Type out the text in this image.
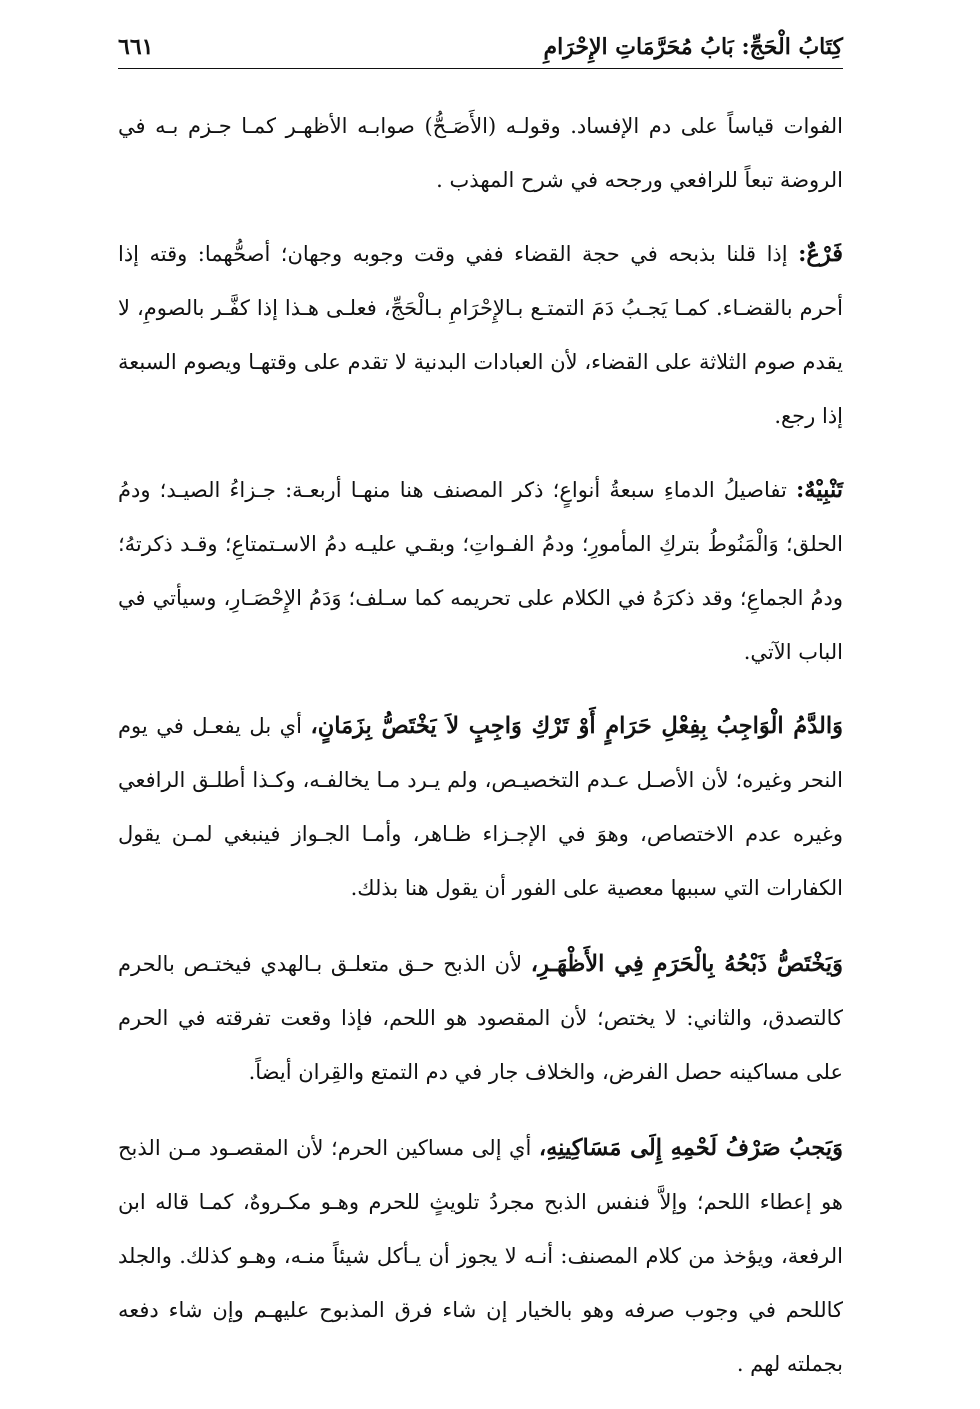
كِتَابُ الْحَجِّ: بَابُ مُحَرَّمَاتِ الإِحْرَامِ
٦٦١

الفوات قياساً على دم الإفساد. وقولـه (الأَصَـحُّ) صوابـه الأظهـر كمـا جـزم بـه في الروضة تبعاً للرافعي ورجحه في شرح المهذب .

فَرْعٌ: إذا قلنا بذبحه في حجة القضاء ففي وقت وجوبه وجهان؛ أصحُّهما: وقته إذا أحرم بالقضـاء. كمـا يَجـبُ دَمَ التمتـع بـالإِحْرَامِ بـالْحَجِّ، فعلـى هـذا إذا كفَّـر بالصومِ، لا يقدم صوم الثلاثة على القضاء، لأن العبادات البدنية لا تقدم على وقتهـا ويصوم السبعة إذا رجع.

تَنْبِيْهٌ: تفاصيلُ الدماءِ سبعةُ أنواعٍ؛ ذكر المصنف هنا منهـا أربعـة: جـزاءُ الصيـد؛ ودمُ الحلق؛ وَالْمَنُوطُ بتركِ المأمورِ؛ ودمُ الفـواتِ؛ وبقـي عليـه دمُ الاسـتمتاعِ؛ وقـد ذكرتهُ؛ ودمُ الجماعِ؛ وقد ذكرَهُ في الكلام على تحريمه كما سـلف؛ وَدَمُ الإِحْصَـارِ، وسيأتي في الباب الآتي.

وَالدَّمُ الْوَاجِبُ بِفِعْلِ حَرَامٍ أَوْ تَرْكِ وَاجِبٍ لاَ يَخْتَصُّ بِزَمَانٍ، أي بل يفعـل في يوم النحر وغيره؛ لأن الأصـل عـدم التخصيـص، ولم يـرد مـا يخالفـه، وكـذا أطلـق الرافعي وغيره عدم الاختصاص، وهوَ في الإجـزاء ظـاهر، وأمـا الجـواز فينبغي لمـن يقول الكفارات التي سببها معصية على الفور أن يقول هنا بذلك.

وَيَخْتَصُّ ذَبْحُهُ بِالْحَرَمِ فِي الأَظْهَـرِ، لأن الذبح حـق متعلـق بـالهدي فيختـص بالحرم كالتصدق، والثاني: لا يختص؛ لأن المقصود هو اللحم، فإذا وقعت تفرقته في الحرم على مساكينه حصل الفرض، والخلاف جار في دم التمتع والقِران أيضاً.

وَيَجبُ صَرْفُ لَحْمِهِ إِلَى مَسَاكِينِهِ، أي إلى مساكين الحرم؛ لأن المقصـود مـن الذبح هو إعطاء اللحم؛ وإلاَّ فنفس الذبح مجردُ تلويثٍ للحرم وهـو مكـروهٌ، كمـا قاله ابن الرفعة، ويؤخذ من كلام المصنف: أنـه لا يجوز أن يـأكل شيئاً منـه، وهـو كذلك. والجلد كاللحم في وجوب صرفه وهو بالخيار إن شاء فرق المذبوح عليهـم وإن شاء دفعه بجملته لهم .
